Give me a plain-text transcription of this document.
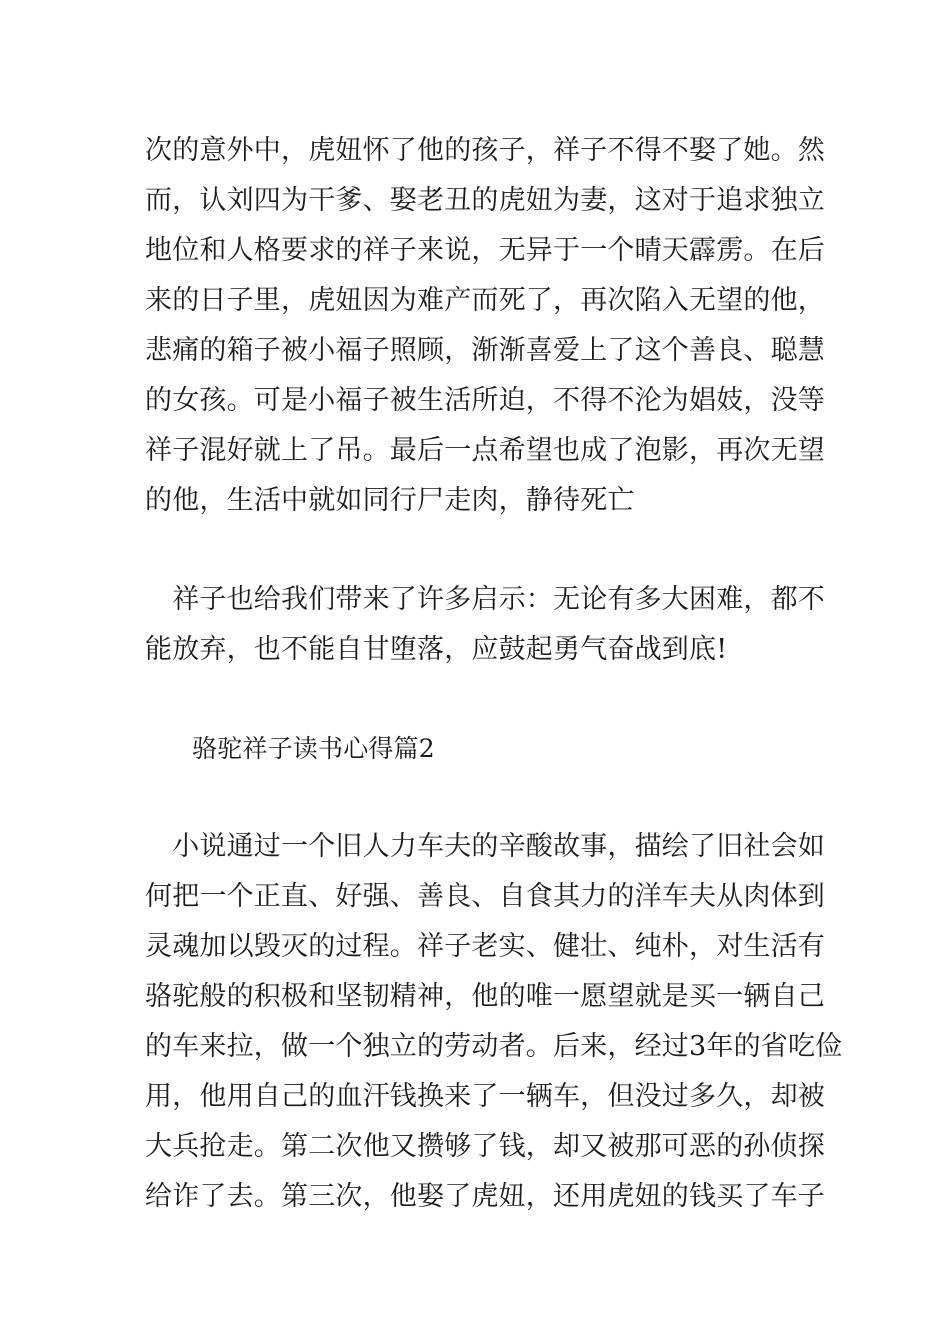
次的意外中，虎妞怀了他的孩子，祥子不得不娶了她。然
而，认刘四为干爹、娶老丑的虎妞为妻，这对于追求独立
地位和人格要求的祥子来说，无异于一个晴天霹雳。在后
来的日子里，虎妞因为难产而死了，再次陷入无望的他，
悲痛的箱子被小福子照顾，渐渐喜爱上了这个善良、聪慧
的女孩。可是小福子被生活所迫，不得不沦为娼妓，没等
祥子混好就上了吊。最后一点希望也成了泡影，再次无望
的他，生活中就如同行尸走肉，静待死亡
　祥子也给我们带来了许多启示：无论有多大困难，都不
能放弃，也不能自甘堕落，应鼓起勇气奋战到底!
骆驼祥子读书心得篇2
　小说通过一个旧人力车夫的辛酸故事，描绘了旧社会如
何把一个正直、好强、善良、自食其力的洋车夫从肉体到
灵魂加以毁灭的过程。祥子老实、健壮、纯朴，对生活有
骆驼般的积极和坚韧精神，他的唯一愿望就是买一辆自己
的车来拉，做一个独立的劳动者。后来，经过3年的省吃俭
用，他用自己的血汗钱换来了一辆车，但没过多久，却被
大兵抢走。第二次他又攒够了钱，却又被那可恶的孙侦探
给诈了去。第三次，他娶了虎妞，还用虎妞的钱买了车子
